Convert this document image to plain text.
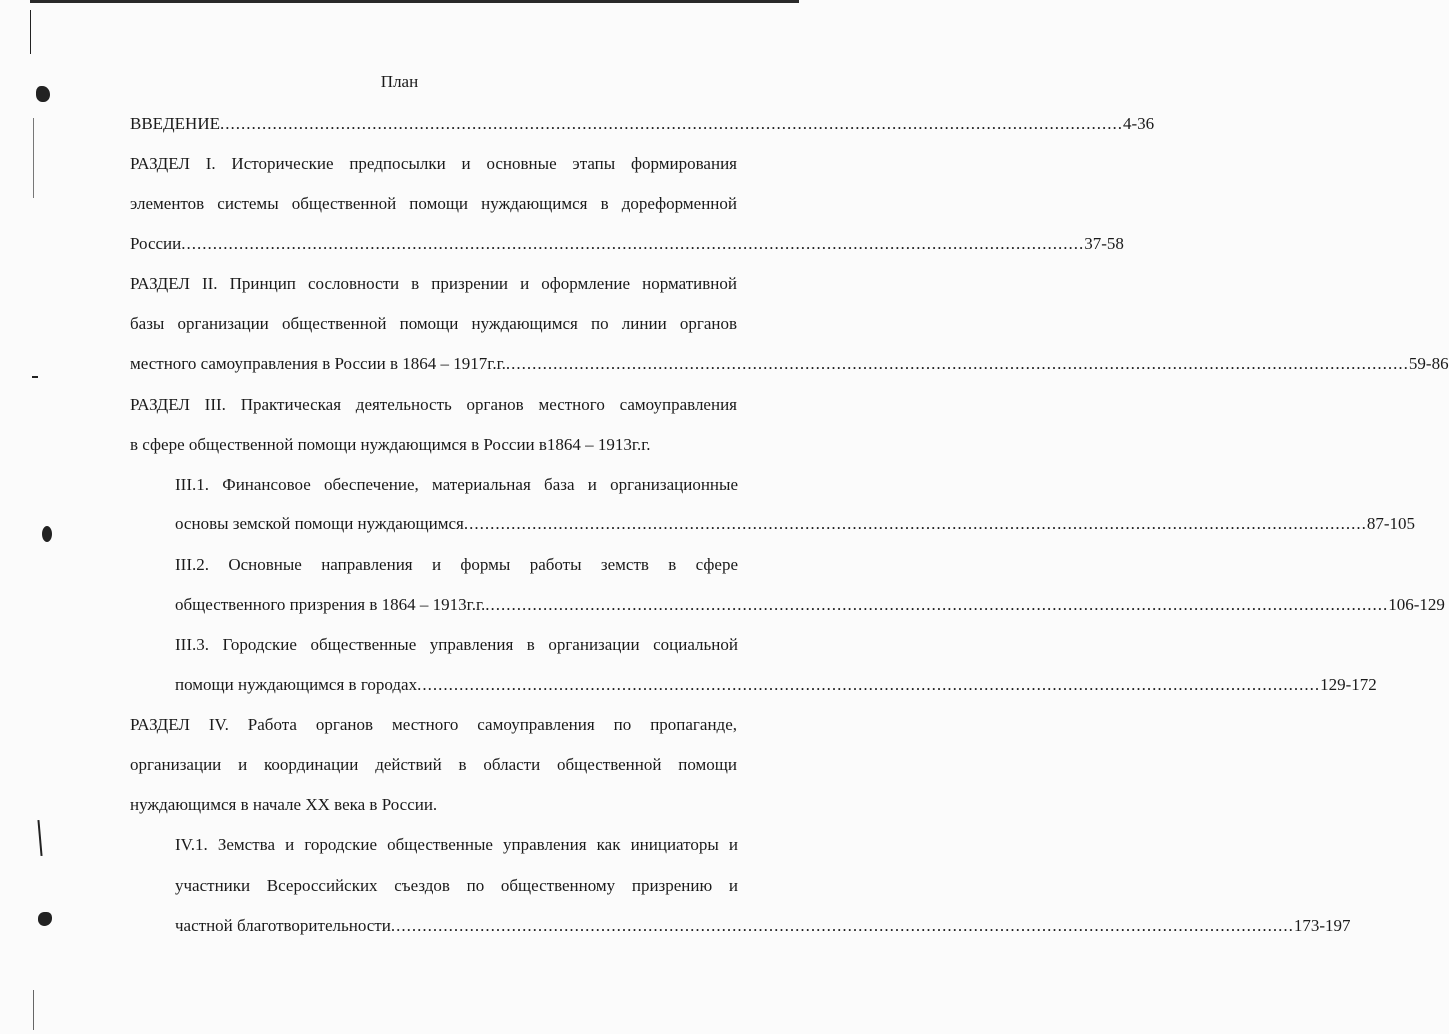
План
ВВЕДЕНИЕ ............................................................................................................................................................................ 4-36
РАЗДЕЛ I. Исторические предпосылки и основные этапы формирования
элементов системы общественной помощи нуждающимся в дореформенной
России ............................................................................................................................................................................ 37-58
РАЗДЕЛ II. Принцип сословности в призрении и оформление нормативной
базы организации общественной помощи нуждающимся по линии органов
местного самоуправления в России в 1864 – 1917г.г. ............................................................................................................................................................................ 59-86
РАЗДЕЛ III. Практическая деятельность органов местного самоуправления
в сфере общественной помощи нуждающимся в России в1864 – 1913г.г.
III.1. Финансовое обеспечение, материальная база и организационные
основы земской помощи нуждающимся ............................................................................................................................................................................ 87-105
III.2. Основные направления и формы работы земств в сфере
общественного призрения в 1864 – 1913г.г. ............................................................................................................................................................................ 106-129
III.3. Городские общественные управления в организации социальной
помощи нуждающимся в городах ............................................................................................................................................................................ 129-172
РАЗДЕЛ IV. Работа органов местного самоуправления по пропаганде,
организации и координации действий в области общественной помощи
нуждающимся в начале XX века в России.
IV.1. Земства и городские общественные управления как инициаторы и
участники Всероссийских съездов по общественному призрению и
частной благотворительности ............................................................................................................................................................................ 173-197
